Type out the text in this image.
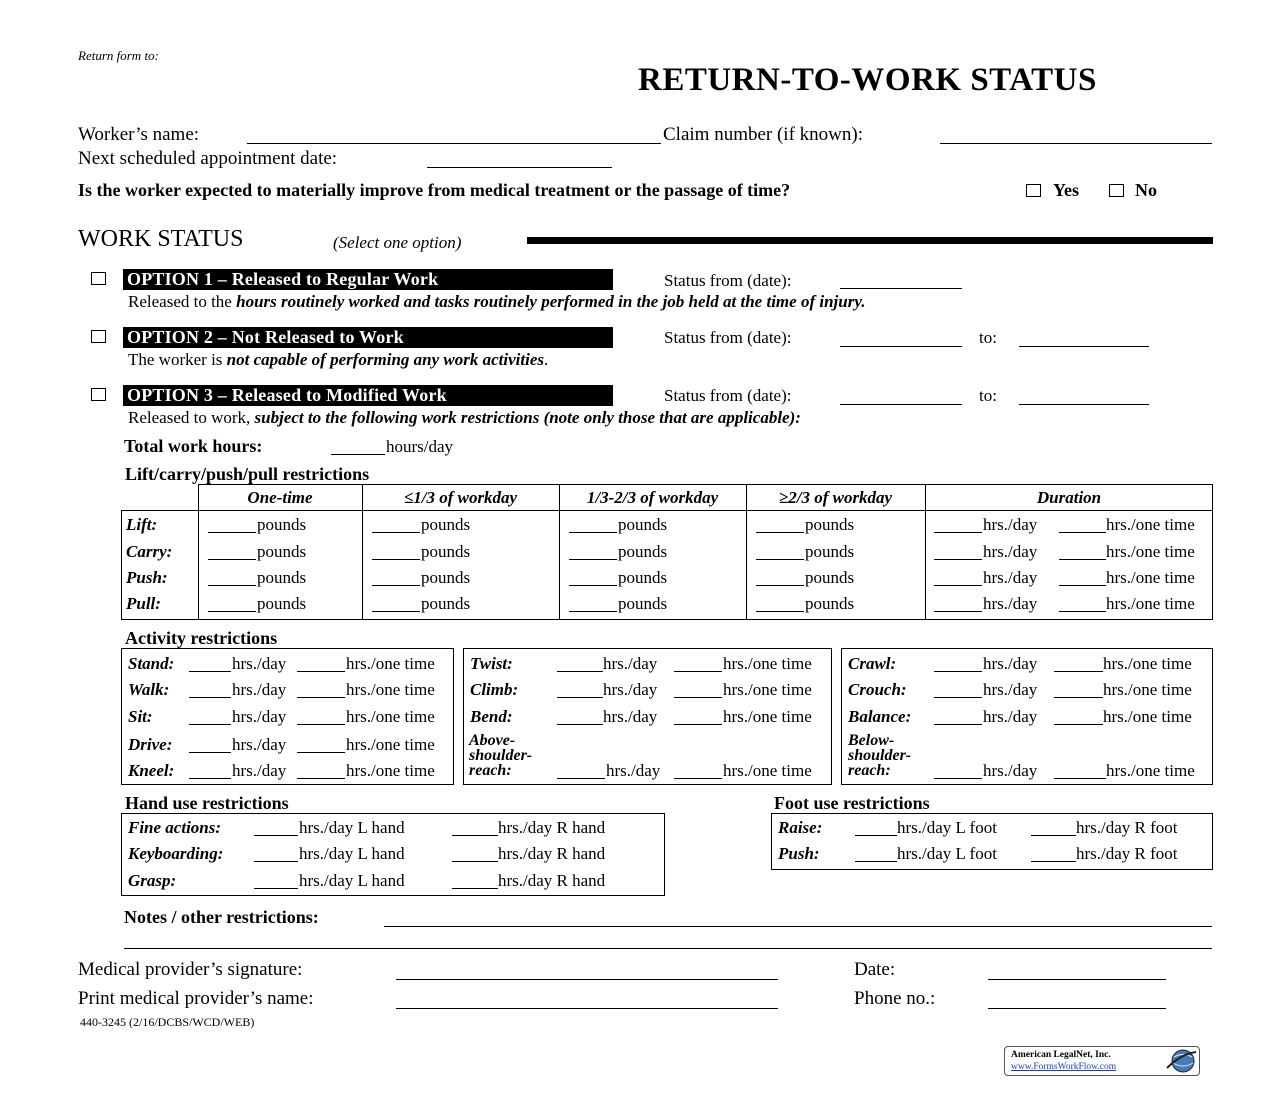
Return form to:
RETURN-TO-WORK STATUS
Worker’s name:	Claim number (if known):
Next scheduled appointment date:
Is the worker expected to materially improve from medical treatment or the passage of time?	Yes	No
WORK STATUS	(Select one option)
OPTION 1 – Released to Regular Work	Status from (date):
Released to the hours routinely worked and tasks routinely performed in the job held at the time of injury.
OPTION 2 – Not Released to Work	Status from (date):	to:
The worker is not capable of performing any work activities.
OPTION 3 – Released to Modified Work	Status from (date):	to:
Released to work, subject to the following work restrictions (note only those that are applicable):
Total work hours:	hours/day
Lift/carry/push/pull restrictions
One-time	≤1/3 of workday	1/3-2/3 of workday	≥2/3 of workday	Duration
Lift:	pounds	pounds	pounds	pounds	hrs./day	hrs./one time
Carry:	pounds	pounds	pounds	pounds	hrs./day	hrs./one time
Push:	pounds	pounds	pounds	pounds	hrs./day	hrs./one time
Pull:	pounds	pounds	pounds	pounds	hrs./day	hrs./one time
Activity restrictions
Stand:	hrs./day	hrs./one time
Walk:	hrs./day	hrs./one time
Sit:	hrs./day	hrs./one time
Drive:	hrs./day	hrs./one time
Kneel:	hrs./day	hrs./one time
Twist:	hrs./day	hrs./one time
Climb:	hrs./day	hrs./one time
Bend:	hrs./day	hrs./one time
Above-
shoulder-
reach:	hrs./day	hrs./one time
Crawl:	hrs./day	hrs./one time
Crouch:	hrs./day	hrs./one time
Balance:	hrs./day	hrs./one time
Below-
shoulder-
reach:	hrs./day	hrs./one time
Hand use restrictions
Fine actions:	hrs./day L hand	hrs./day R hand
Keyboarding:	hrs./day L hand	hrs./day R hand
Grasp:	hrs./day L hand	hrs./day R hand
Foot use restrictions
Raise:	hrs./day L foot	hrs./day R foot
Push:	hrs./day L foot	hrs./day R foot
Notes / other restrictions:
Medical provider’s signature:	Date:
Print medical provider’s name:	Phone no.:
440-3245 (2/16/DCBS/WCD/WEB)
American LegalNet, Inc.
www.FormsWorkFlow.com
